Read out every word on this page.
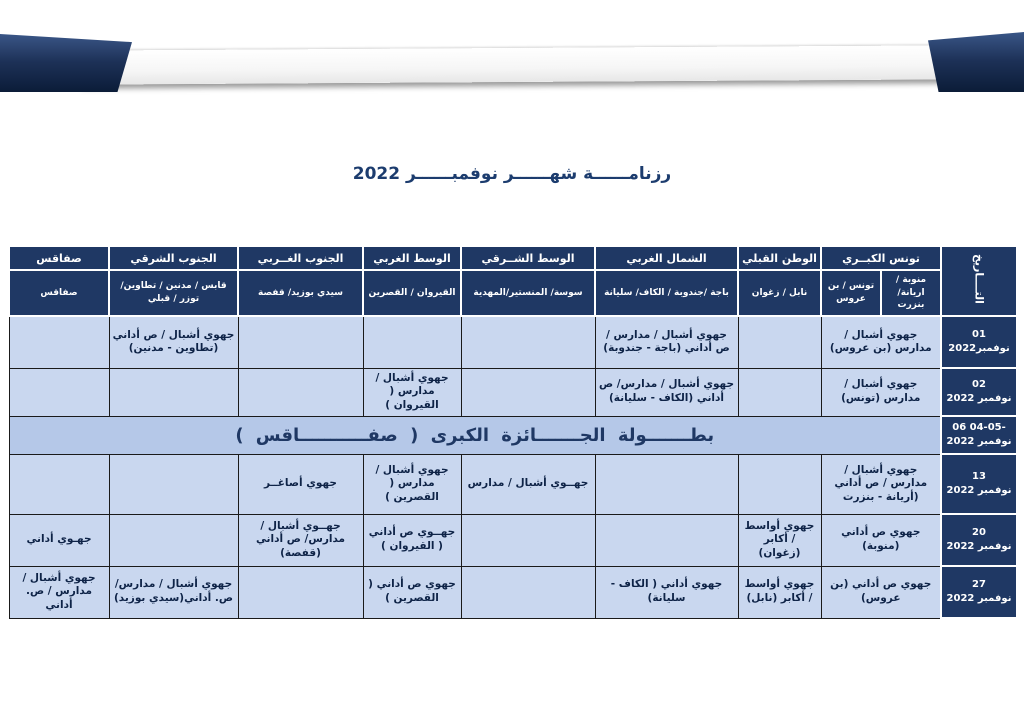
رزنامــــــة شهــــــر نوفمبــــــر 2022
التــــاريخ	تونس الكبــري		الوطن القبلي	الشمال الغربي	الوسط الشــرقي	الوسط الغربي	الجنوب الغــربي	الجنوب الشرقي	صفاقس
	منوبة / اريانة/بنزرت	تونس / بن عروس	نابل / زغوان	باجة /جندوبة / الكاف/ سليانة	سوسة/ المنستير/المهدية	القيروان / القصرين	سيدي بوزيد/ قفصة	قابس / مدنين / تطاوين/ توزر / قبلي	صفاقس

01
نوفمبر2022	جهوي أشبال / مدارس (بن عروس)			جهوي أشبال / مدارس / ص أداني (باجة - جندوبة)				جهوي أشبال / ص أداني (تطاوين - مدنين)	

02
نوفمبر 2022	جهوي أشبال / مدارس (تونس)			جهوي أشبال / مدارس/ ص أداني (الكاف - سليانة)		جهوي أشبال / مدارس ( القيروان )			

06 04-05-
نوفمبر 2022	بطـــــــولة الجـــــــائزة الكبرى ( صفـــــــــــاقس )								

13
نوفمبر 2022	جهوي أشبال / مدارس / ص أداني (أريانة - بنزرت				جهــوي أشبال / مدارس	جهوي أشبال / مدارس ( القصرين )	جهوي أصاغــر		

20
نوفمبر 2022	جهوي ص أداني (منوبة)		جهوي أواسط / أكابر (زغوان)			جهــوي ص أداني ( القيروان )	جهــوي أشبال / مدارس/ ص أداني (قفصة)		جهـوي أداني

27
نوفمبر 2022	جهوي ص أداني (بن عروس)		جهوي أواسط / أكابر (نابل)	جهوي أداني ( الكاف - سليانة)		جهوي ص أداني ( القصرين )		جهوي أشبال / مدارس/ ص. أداني(سيدي بوزيد)	جهوي أشبال / مدارس / ص. أداني
